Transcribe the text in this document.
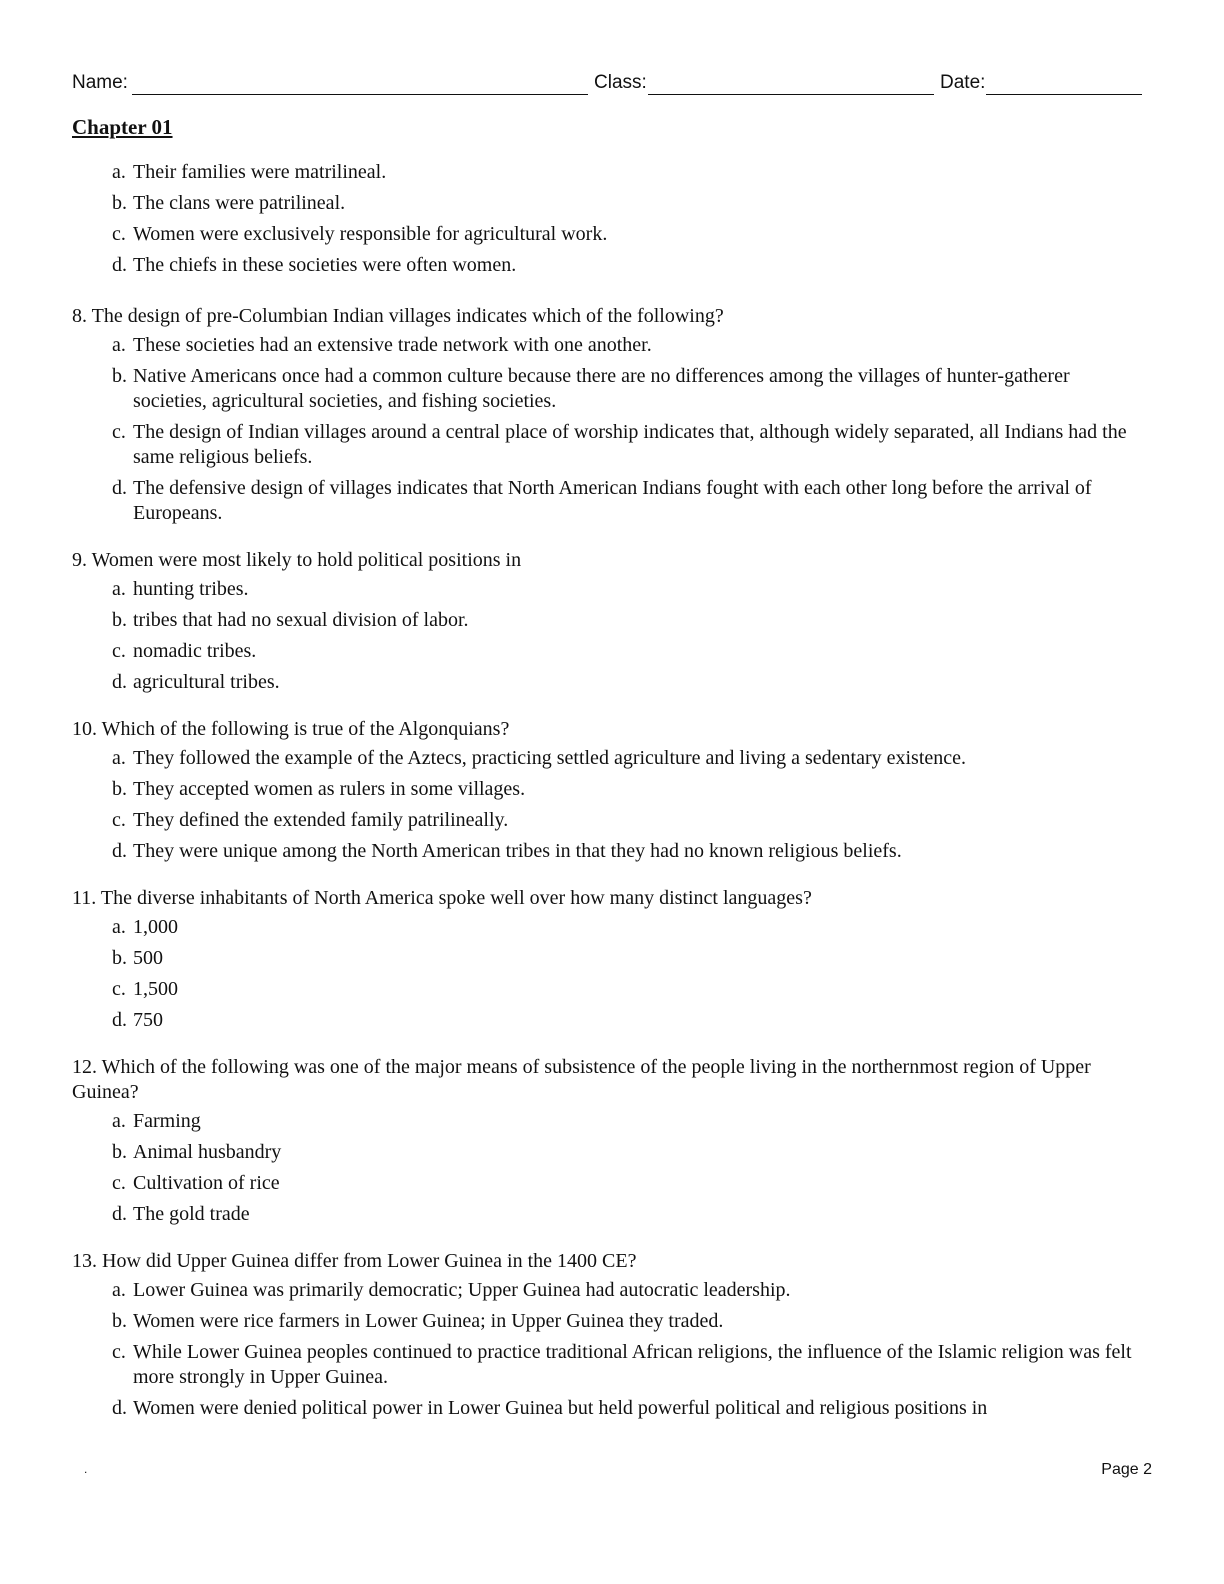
Name:	Class:	Date:
Chapter 01
a. Their families were matrilineal.
b. The clans were patrilineal.
c. Women were exclusively responsible for agricultural work.
d. The chiefs in these societies were often women.

8. The design of pre-Columbian Indian villages indicates which of the following?

a. These societies had an extensive trade network with one another.
b. Native Americans once had a common culture because there are no differences among the villages of hunter-gatherer societies, agricultural societies, and fishing societies.
c. The design of Indian villages around a central place of worship indicates that, although widely separated, all Indians had the same religious beliefs.
d. The defensive design of villages indicates that North American Indians fought with each other long before the arrival of Europeans.

9. Women were most likely to hold political positions in

a. hunting tribes.
b. tribes that had no sexual division of labor.
c. nomadic tribes.
d. agricultural tribes.

10. Which of the following is true of the Algonquians?

a. They followed the example of the Aztecs, practicing settled agriculture and living a sedentary existence.
b. They accepted women as rulers in some villages.
c. They defined the extended family patrilineally.
d. They were unique among the North American tribes in that they had no known religious beliefs.

11. The diverse inhabitants of North America spoke well over how many distinct languages?

a. 1,000
b. 500
c. 1,500
d. 750

12. Which of the following was one of the major means of subsistence of the people living in the northernmost region of Upper Guinea?

a. Farming
b. Animal husbandry
c. Cultivation of rice
d. The gold trade

13. How did Upper Guinea differ from Lower Guinea in the 1400 CE?

a. Lower Guinea was primarily democratic; Upper Guinea had autocratic leadership.
b. Women were rice farmers in Lower Guinea; in Upper Guinea they traded.
c. While Lower Guinea peoples continued to practice traditional African religions, the influence of the Islamic religion was felt more strongly in Upper Guinea.
d. Women were denied political power in Lower Guinea but held powerful political and religious positions in
.	Page 2
